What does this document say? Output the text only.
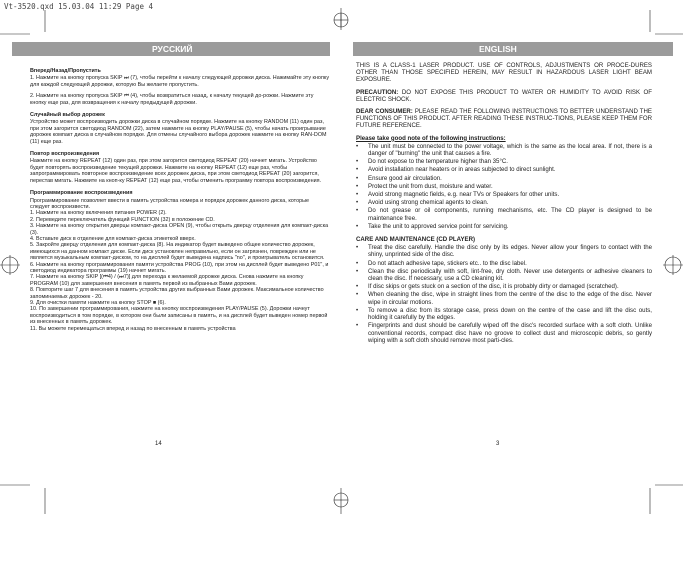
Vt-3520.qxd 15.03.04 11:29 Page 4
РУССКИЙ	ENGLISH
Вперед/Назад/Пропустить

1. Нажмите на кнопку пропуска SKIP ⏭ (7), чтобы перейти к началу следующей дорожки диска. Нажимайте эту кнопку для каждой следующей дорожки, которую Вы желаете пропустить.

2. Нажмите на кнопку пропуска SKIP ⏮ (4), чтобы возвратиться назад, к началу текущей до-рожки. Нажмите эту кнопку еще раз, для возвращения к началу предыдущей дорожки.

Случайный выбор дорожек

Устройство может воспроизводить дорожки диска в случайном порядке. Нажмите на кнопку RANDOM (11) один раз, при этом загорится светодиод RANDOM (22), затем нажмите на кнопку PLAY/PAUSE (5), чтобы начать проигрывание дорожек компакт диска в случайном порядке. Для отмены случайного выбора дорожек нажмите на кнопку RAN-DOM (11) еще раз.

Повтор воспроизведения

Нажмите на кнопку REPEAT (12) один раз, при этом загорится светодиод REPEAT (20) начнет мигать. Устройство будет повторять воспроизведение текущей дорожки. Нажмите на кнопку REPEAT (12) еще раз, чтобы запрограммировать повторное воспроизведение всех дорожек диска, при этом светодиод REPEAT (20) загорится, перестав мигать. Нажмите на кноп-ку REPEAT (12) еще раз, чтобы отменить программу повтора воспроизведения.

Программирование воспроизведения
Программирование позволяет ввести в память устройства номера и порядок дорожек данного диска, которые следует воспроизвести.
1. Нажмите на кнопку включения питания POWER (2).
2. Переведите переключатель функций FUNCTION (32) в положение CD.
3. Нажмите на кнопку открытия дверцы компакт-диска OPEN (9), чтобы открыть дверцу отделения для компакт-диска (3).
4. Вставьте диск в отделение для компакт-диска этикеткой вверх.
5. Закройте дверцу отделения для компакт-диска (8). На индикатор будет выведено общее количество дорожек, имеющихся на данном компакт диске. Если диск установлен неправильно, если он загрязнен, поврежден или не является музыкальным компакт-диском, то на дисплей будет выведена надпись "no", и проигрыватель остановится.
6. Нажмите на кнопку программирования памяти устройства PROG (10), при этом на дисплей будет выведено P01", и светодиод индикатора программы (19) начнет мигать.
7. Нажмите на кнопку SKIP [(⏮4) / (⏭7)] для перехода к желаемой дорожке диска. Снова нажмите на кнопку PROGRAM (10) для завершения внесения в память первой из выбранных Вами дорожек.
8. Повторите шаг 7 для внесения в память устройства других выбранных Вами дорожек. Максимальное количество запоминаемых дорожек - 20.
9. Для очистки памяти нажмите на кнопку STOP ■ (6).
10. По завершении программирования, нажмите на кнопку воспроизведения PLAY/PAUSE (5). Дорожки начнут воспроизводиться в том порядке, в котором они были записаны в память, и на дисплей будет выведен номер первой из внесенных в память дорожек.
11. Вы можете перемещаться вперед и назад по внесенным в память устройства

THIS IS A CLASS-1 LASER PRODUCT. USE OF CONTROLS, ADJUSTMENTS OR PROCE-DURES OTHER THAN THOSE SPECIFIED HEREIN, MAY RESULT IN HAZARDOUS LASER LIGHT BEAM EXPOSURE.

PRECAUTION: DO NOT EXPOSE THIS PRODUCT TO WATER OR HUMIDITY TO AVOID RISK OF ELECTRIC SHOCK.

DEAR CONSUMER: PLEASE READ THE FOLLOWING INSTRUCTIONS TO BETTER UNDERSTAND THE FUNCTIONS OF THIS PRODUCT. AFTER READING THESE INSTRUC-TIONS, PLEASE KEEP THEM FOR FUTURE REFERENCE.

Please take good note of the following instructions:
• The unit must be connected to the power voltage, which is the same as the local area. If not, there is a danger of "burning" the unit that causes a fire.
• Do not expose to the temperature higher than 35°C.
• Avoid installation near heaters or in areas subjected to direct sunlight.
• Ensure good air circulation.
• Protect the unit from dust, moisture and water.
• Avoid strong magnetic fields, e.g. near TVs or Speakers for other units.
• Avoid using strong chemical agents to clean.
• Do not grease or oil components, running mechanisms, etc. The CD player is designed to be maintenance free.
• Take the unit to approved service point for servicing.
CARE AND MAINTENANCE (CD PLAYER)
• Treat the disc carefully. Handle the disc only by its edges. Never allow your fingers to contact with the shiny, unprinted side of the disc.
• Do not attach adhesive tape, stickers etc.. to the disc label.
• Clean the disc periodically with soft, lint-free, dry cloth. Never use detergents or adhesive cleaners to clean the disc. If necessary, use a CD cleaning kit.
• If disc skips or gets stuck on a section of the disc, it is probably dirty or damaged (scratched).
• When cleaning the disc, wipe in straight lines from the centre of the disc to the edge of the disc. Never wipe in circular motions.
• To remove a disc from its storage case, press down on the centre of the case and lift the disc outs, holding it carefully by the edges.
• Fingerprints and dust should be carefully wiped off the disc's recorded surface with a soft cloth. Unlike conventional records, compact disc have no groove to collect dust and microscopic debris, so gently wiping with a soft cloth should remove most parti-cles.
14	3
